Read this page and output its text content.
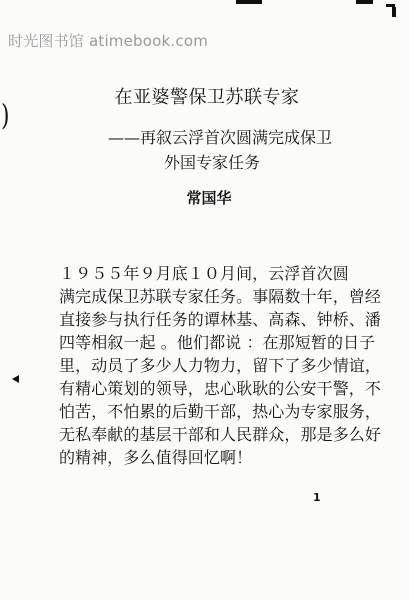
时光图书馆 atimebook.com
)
在亚婆警保卫苏联专家
——再叙云浮首次圆满完成保卫
外国专家任务
常国华
１９５５年９月底１０月间，云浮首次圆
满完成保卫苏联专家任务。事隔数十年，曾经
直接参与执行任务的谭林基、高森、钟桥、潘
四等相叙一起 。他们都说 ：在那短暂的日子
里，动员了多少人力物力，留下了多少情谊，
有精心策划的领导，忠心耿耿的公安干警，不
怕苦，不怕累的后勤干部，热心为专家服务，
无私奉献的基层干部和人民群众，那是多么好
的精神，多么值得回忆啊！
1
